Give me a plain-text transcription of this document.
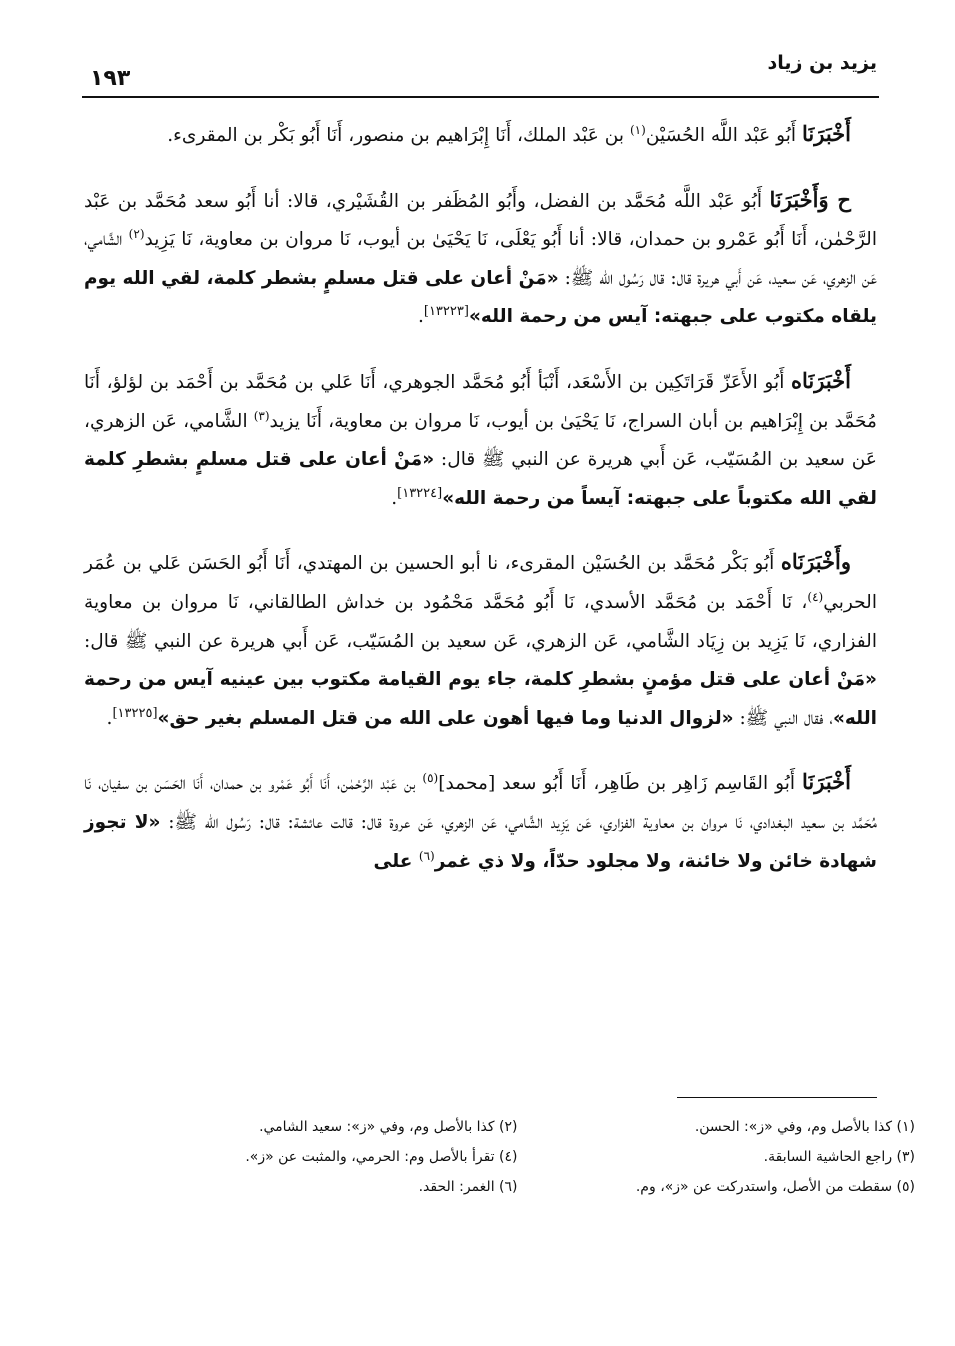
يزيد بن زياد
١٩٣

أَخْبَرَنَا أَبُو عَبْد اللَّه الحُسَيْن$^{(١)}$ بن عَبْد الملك، أَنَا إِبْرَاهيم بن منصور، أَنَا أَبُو بَكْر بن المقرىء.

ح وَأَخْبَرَنَا أَبُو عَبْد اللَّه مُحَمَّد بن الفضل، وأَبُو المُظَفر بن القُشَيْري، قالا: أنا أَبُو سعد مُحَمَّد بن عَبْد الرَّحْمٰن، أَنَا أَبُو عَمْرو بن حمدان، قالا: أنا أَبُو يَعْلَى، نَا يَحْيَىٰ بن أيوب، نَا مروان بن معاوية، نَا يَزِيد$^{(٢)}$ الشَّامي، عَن الزهري، عَن سعيد، عَن أَبي هريرة قال: قال رَسُول الله ﷺ: «مَنْ أعان على قتل مسلمٍ بشطر كلمة، لقي الله يوم يلقاه مكتوب على جبهته: آيس من رحمة الله»[١٣٢٢٣].

أَخْبَرَنَاه أَبُو الأَعَزّ قَرَاتَكِين بن الأَسْعَد، أَنْبَأ أَبُو مُحَمَّد الجوهري، أَنَا عَلي بن مُحَمَّد بن أَحْمَد بن لؤلؤ، أَنَا مُحَمَّد بن إِبْرَاهيم بن أبان السراج، نَا يَحْيَىٰ بن أيوب، نَا مروان بن معاوية، أَنَا يزيد$^{(٣)}$ الشَّامي، عَن الزهري، عَن سعيد بن المُسَيّب، عَن أَبي هريرة عن النبي ﷺ قال: «مَنْ أعان على قتل مسلمٍ بشطرِ كلمة لقي الله مكتوباً على جبهته: آيساً من رحمة الله»[١٣٢٢٤].

وأَخْبَرَنَاه أَبُو بَكْر مُحَمَّد بن الحُسَيْن المقرىء، نا أبو الحسين بن المهتدي، أَنَا أَبُو الحَسَن عَلي بن عُمَر الحربي$^{(٤)}$، نَا أَحْمَد بن مُحَمَّد الأسدي، نَا أَبُو مُحَمَّد مَحْمُود بن خداش الطالقاني، نَا مروان بن معاوية الفزاري، نَا يَزِيد بن زِيَاد الشَّامي، عَن الزهري، عَن سعيد بن المُسَيّب، عَن أَبي هريرة عن النبي ﷺ قال: «مَنْ أعان على قتل مؤمنٍ بشطرِ كلمة، جاء يوم القيامة مكتوب بين عينيه آيس من رحمة الله»، فقال النبي ﷺ: «لزوال الدنيا وما فيها أهون على الله من قتل المسلم بغير حق»[١٣٢٢٥].

أَخْبَرَنَا أَبُو القَاسِم زَاهِر بن طَاهِر، أَنَا أَبُو سعد [محمد]$^{(٥)}$ بن عَبْد الرَّحْمٰن، أَنَا أَبُو عَمْرو بن حمدان، أَنَا الحَسَن بن سفيان، نَا مُحَمَّد بن سعيد البغدادي، نَا مروان بن معاوية الفزاري، عَن يَزِيد الشَّامي، عَن الزهري، عَن عروة قال: قالت عائشة: قال: رَسُول الله ﷺ: «لا تجوز شهادة خائن ولا خائنة، ولا مجلود حدّاً، ولا ذي غمر$^{(٦)}$ على

(١) كذا بالأصل وم، وفي «ز»: الحسن.
(٢) كذا بالأصل وم، وفي «ز»: سعيد الشامي.
(٣) راجع الحاشية السابقة.
(٤) تقرأ بالأصل وم: الحرمي، والمثبت عن «ز».
(٥) سقطت من الأصل، واستدركت عن «ز»، وم.
(٦) الغمر: الحقد.
